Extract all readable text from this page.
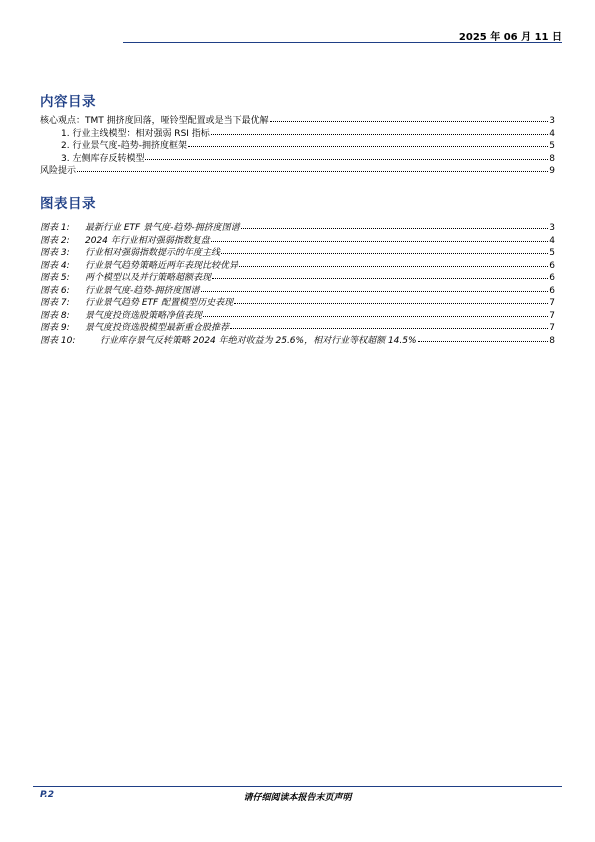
2025 年 06 月 11 日
内容目录
核心观点：TMT 拥挤度回落，哑铃型配置或是当下最优解	3
1. 行业主线模型：相对强弱 RSI 指标	4
2. 行业景气度-趋势-拥挤度框架	5
3. 左侧库存反转模型	8
风险提示	9
图表目录
图表 1:	最新行业 ETF 景气度-趋势-拥挤度图谱	3
图表 2:	2024 年行业相对强弱指数复盘	4
图表 3:	行业相对强弱指数提示的年度主线	5
图表 4:	行业景气趋势策略近两年表现比较优异	6
图表 5:	两个模型以及并行策略超额表现	6
图表 6:	行业景气度-趋势-拥挤度图谱	6
图表 7:	行业景气趋势 ETF 配置模型历史表现	7
图表 8:	景气度投资选股策略净值表现	7
图表 9:	景气度投资选股模型最新重仓股推荐	7
图表 10:	行业库存景气反转策略 2024 年绝对收益为 25.6%，相对行业等权超额 14.5%	8
P.2	请仔细阅读本报告末页声明
